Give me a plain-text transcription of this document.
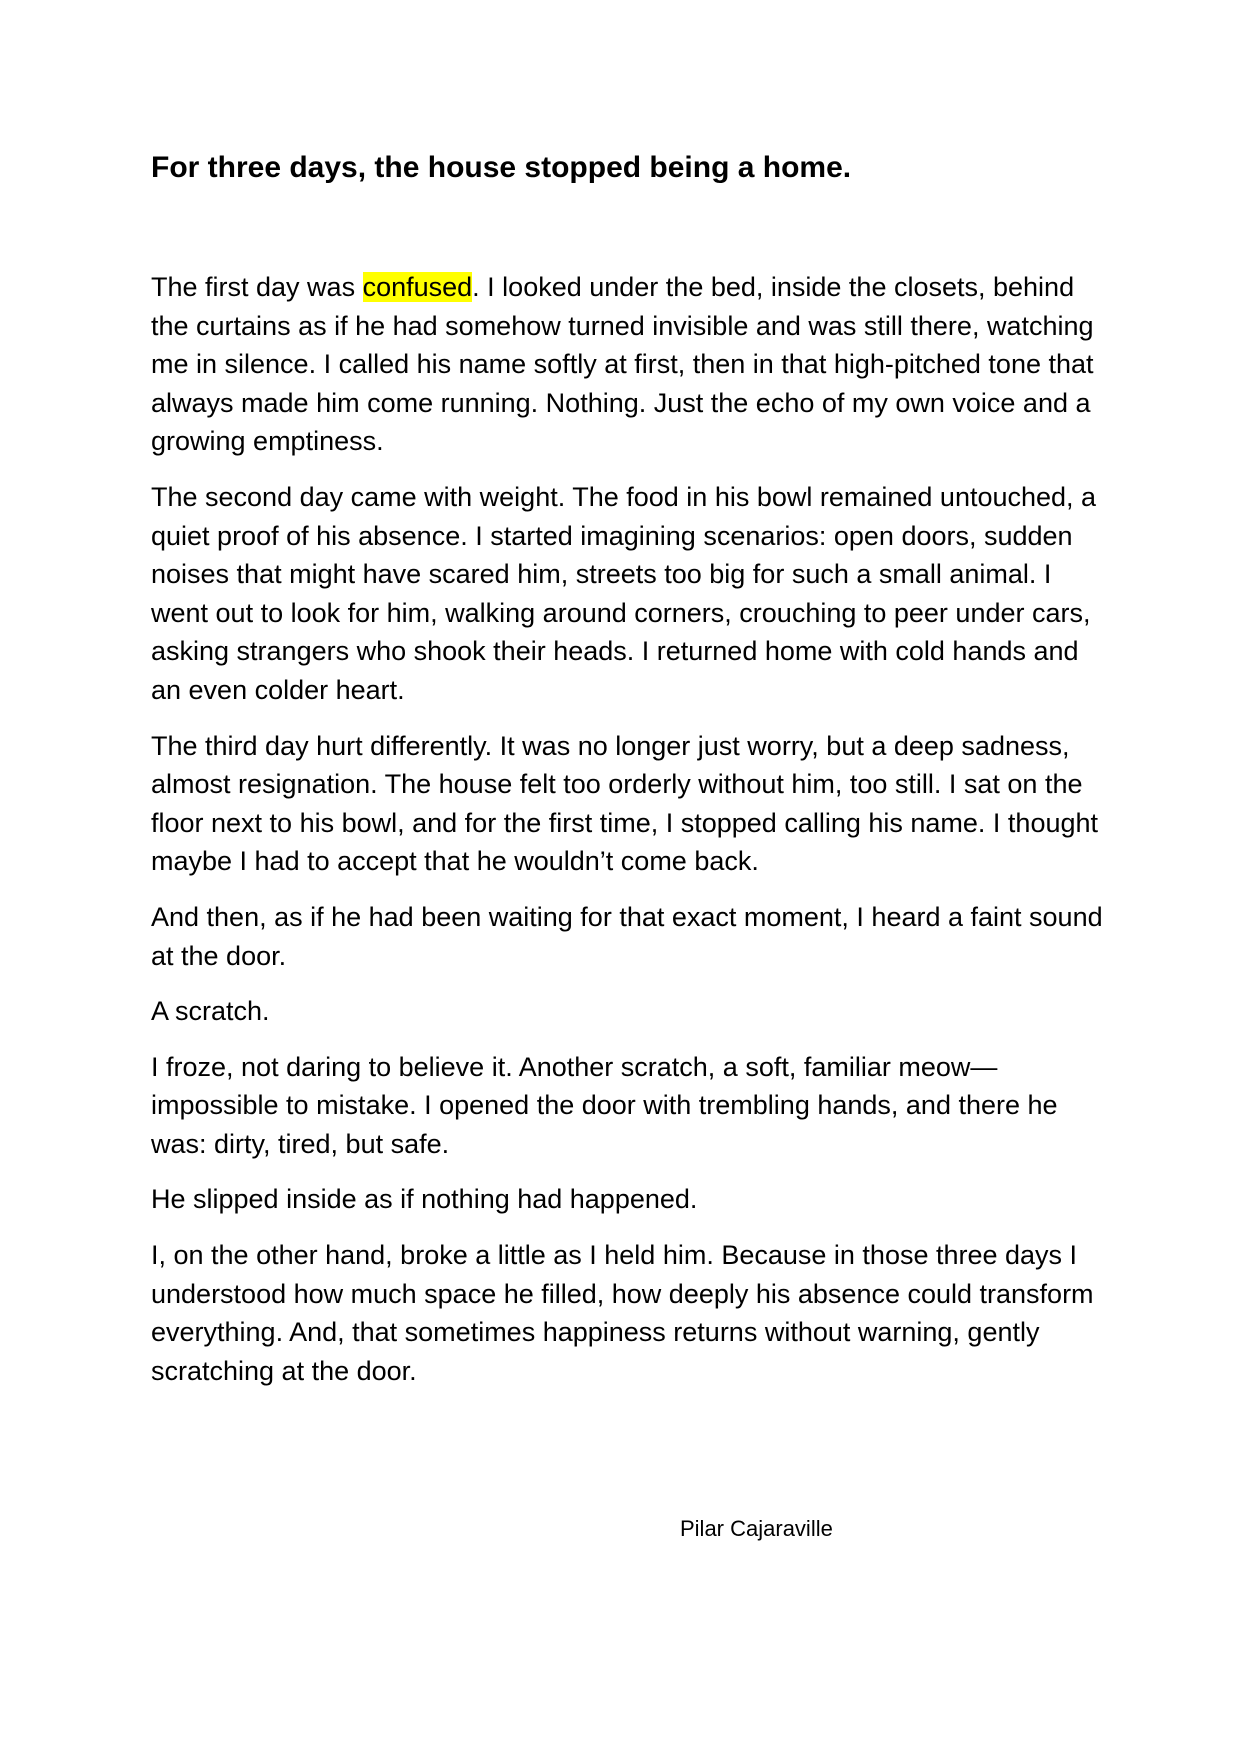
For three days, the house stopped being a home.

The first day was confused. I looked under the bed, inside the closets, behind the curtains as if he had somehow turned invisible and was still there, watching me in silence. I called his name softly at first, then in that high-pitched tone that always made him come running. Nothing. Just the echo of my own voice and a growing emptiness.

The second day came with weight. The food in his bowl remained untouched, a quiet proof of his absence. I started imagining scenarios: open doors, sudden noises that might have scared him, streets too big for such a small animal. I went out to look for him, walking around corners, crouching to peer under cars, asking strangers who shook their heads. I returned home with cold hands and an even colder heart.

The third day hurt differently. It was no longer just worry, but a deep sadness, almost resignation. The house felt too orderly without him, too still. I sat on the floor next to his bowl, and for the first time, I stopped calling his name. I thought maybe I had to accept that he wouldn’t come back.

And then, as if he had been waiting for that exact moment, I heard a faint sound at the door.

A scratch.

I froze, not daring to believe it. Another scratch, a soft, familiar meow—impossible to mistake. I opened the door with trembling hands, and there he was: dirty, tired, but safe.

He slipped inside as if nothing had happened.

I, on the other hand, broke a little as I held him. Because in those three days I understood how much space he filled, how deeply his absence could transform everything. And, that sometimes happiness returns without warning, gently scratching at the door.

Pilar Cajaraville
